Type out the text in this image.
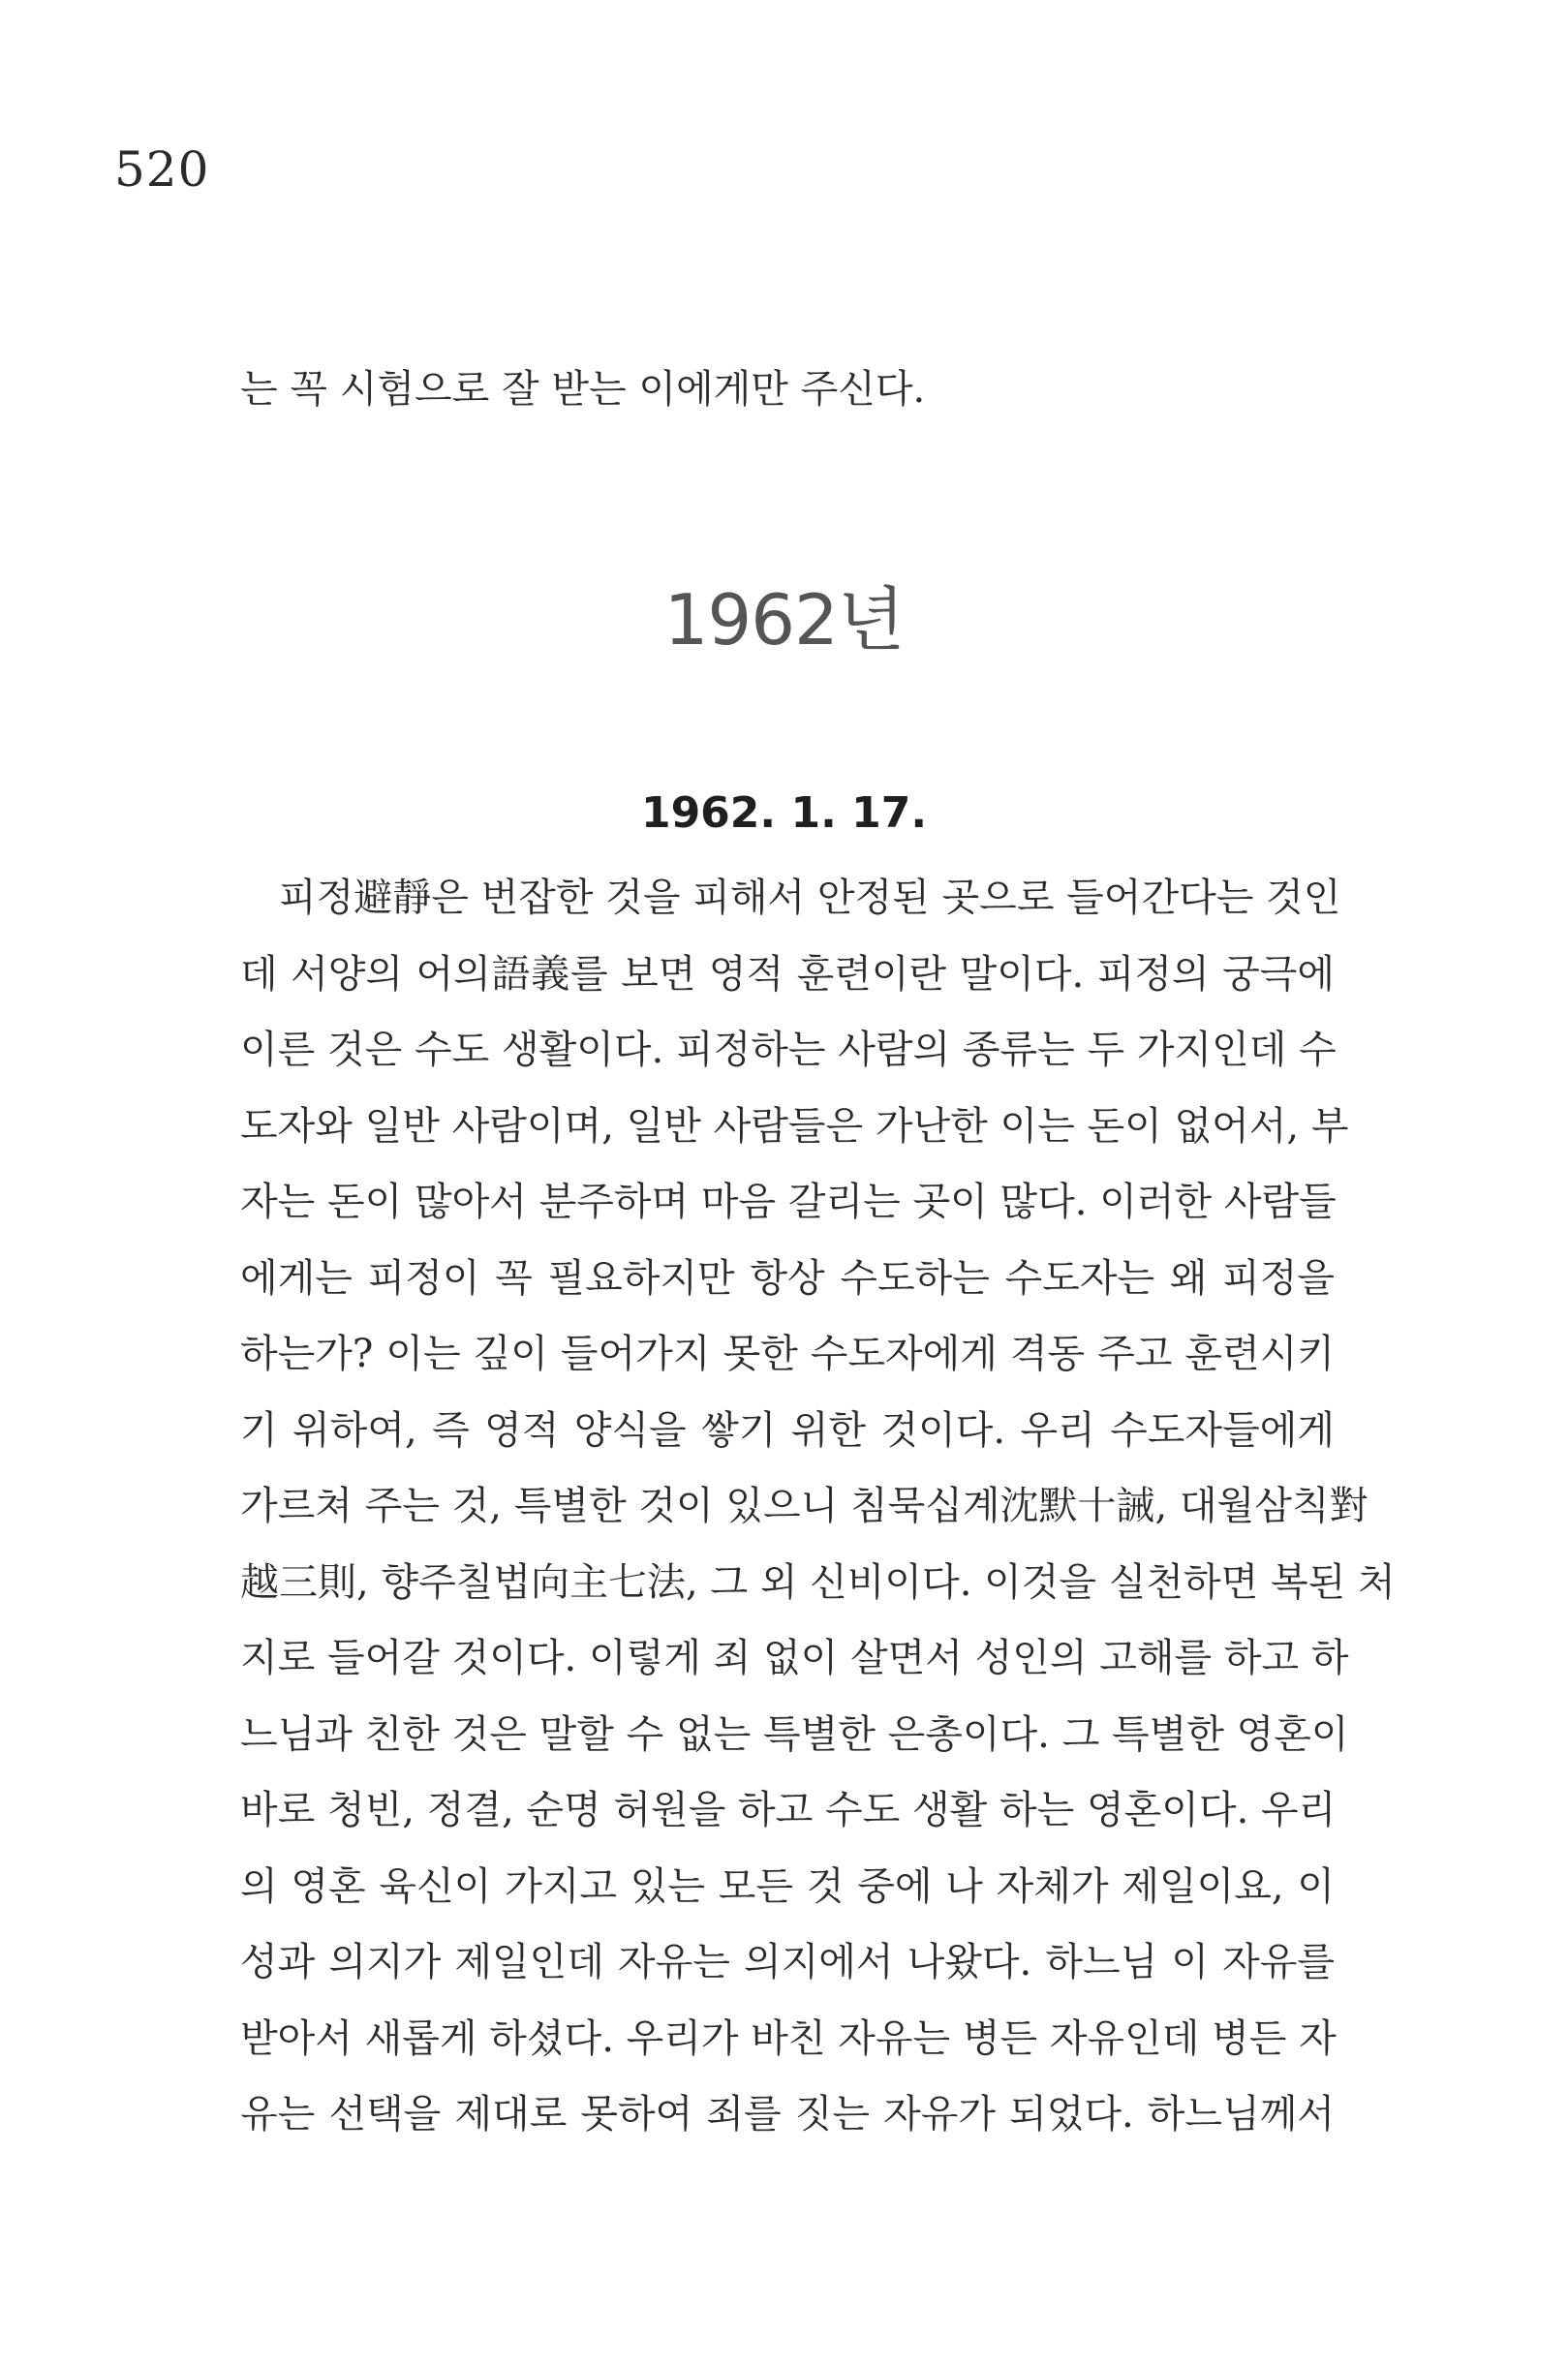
520

는 꼭 시험으로 잘 받는 이에게만 주신다.

1962년
1962. 1. 17.
피정避靜은 번잡한 것을 피해서 안정된 곳으로 들어간다는 것인
데 서양의 어의語義를 보면 영적 훈련이란 말이다. 피정의 궁극에
이른 것은 수도 생활이다. 피정하는 사람의 종류는 두 가지인데 수
도자와 일반 사람이며, 일반 사람들은 가난한 이는 돈이 없어서, 부
자는 돈이 많아서 분주하며 마음 갈리는 곳이 많다. 이러한 사람들
에게는 피정이 꼭 필요하지만 항상 수도하는 수도자는 왜 피정을
하는가? 이는 깊이 들어가지 못한 수도자에게 격동 주고 훈련시키
기 위하여, 즉 영적 양식을 쌓기 위한 것이다. 우리 수도자들에게
가르쳐 주는 것, 특별한 것이 있으니 침묵십계沈默十誡, 대월삼칙對
越三則, 향주칠법向主七法, 그 외 신비이다. 이것을 실천하면 복된 처
지로 들어갈 것이다. 이렇게 죄 없이 살면서 성인의 고해를 하고 하
느님과 친한 것은 말할 수 없는 특별한 은총이다. 그 특별한 영혼이
바로 청빈, 정결, 순명 허원을 하고 수도 생활 하는 영혼이다. 우리
의 영혼 육신이 가지고 있는 모든 것 중에 나 자체가 제일이요, 이
성과 의지가 제일인데 자유는 의지에서 나왔다. 하느님 이 자유를
받아서 새롭게 하셨다. 우리가 바친 자유는 병든 자유인데 병든 자
유는 선택을 제대로 못하여 죄를 짓는 자유가 되었다. 하느님께서
